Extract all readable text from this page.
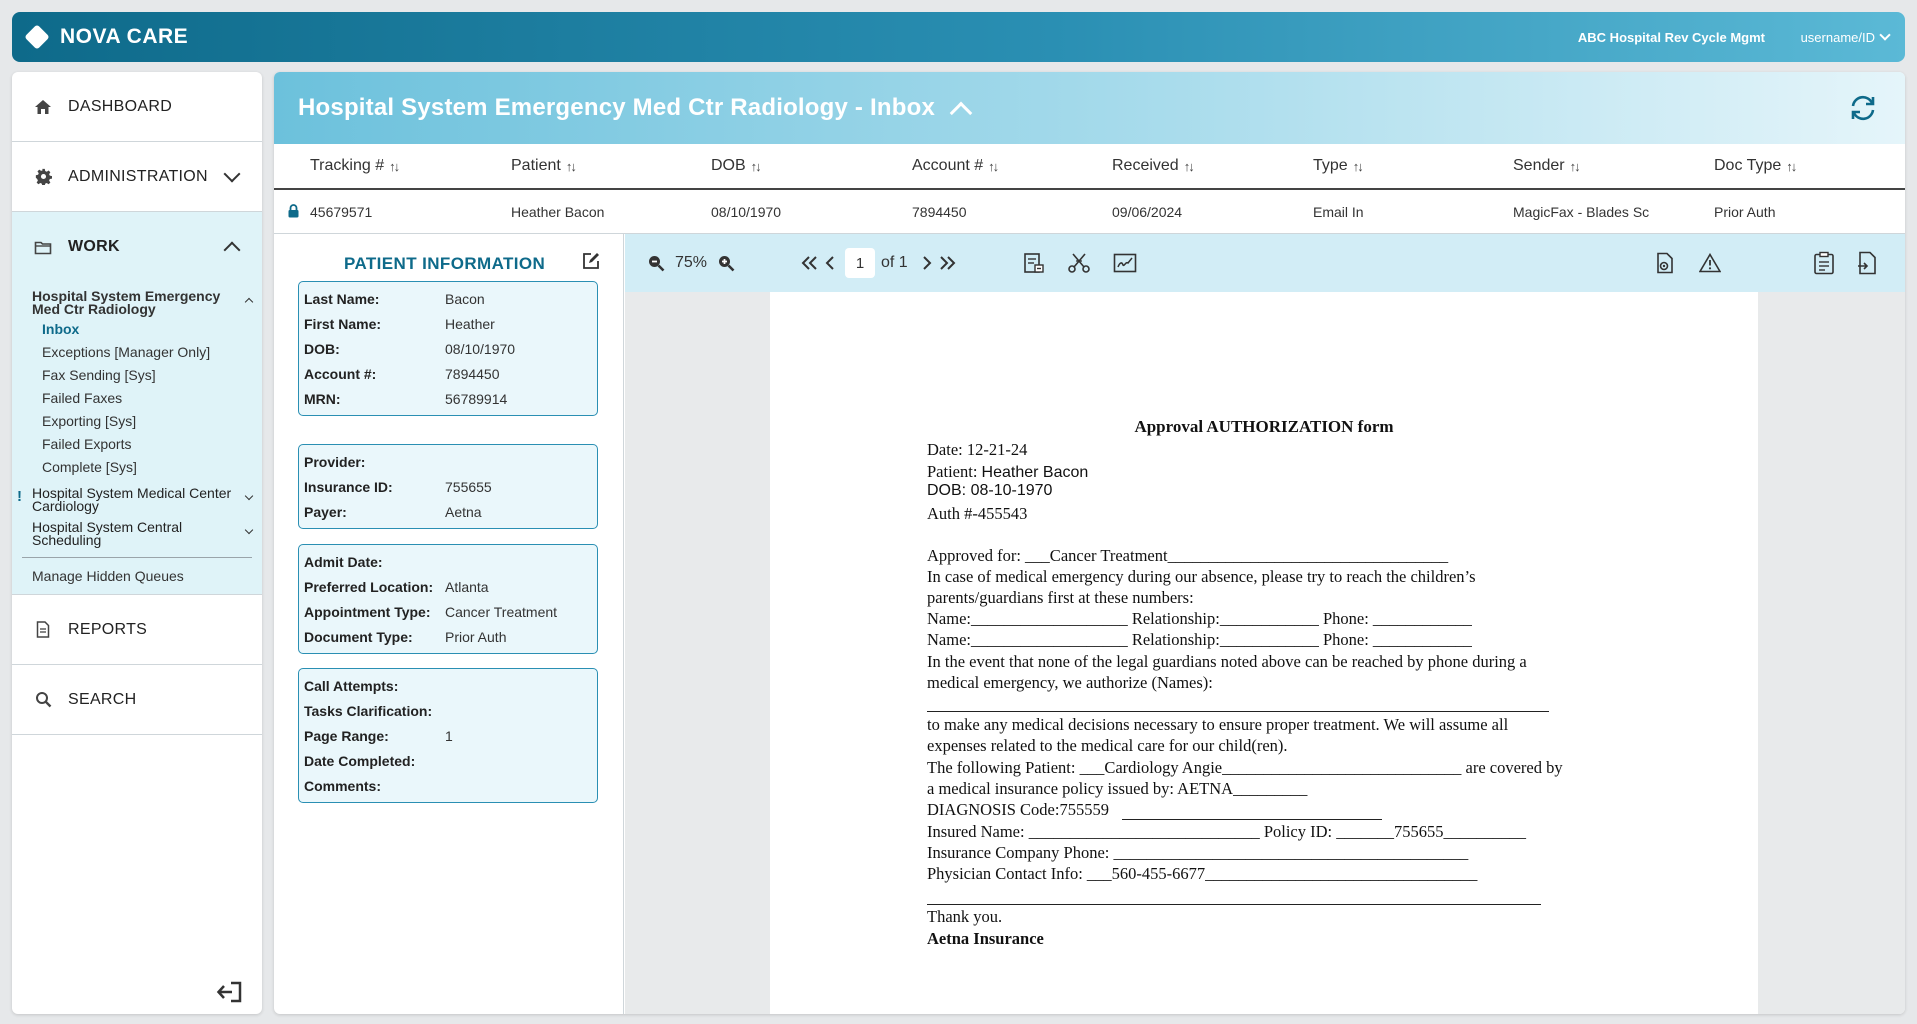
NOVA CARE	ABC Hospital Rev Cycle Mgmt	username/ID
DASHBOARD
ADMINISTRATION
WORK
Hospital System Emergency Med Ctr Radiology
Inbox
Exceptions [Manager Only]
Fax Sending [Sys]
Failed Faxes
Exporting [Sys]
Failed Exports
Complete [Sys]
! Hospital System Medical Center Cardiology
Hospital System Central Scheduling
Manage Hidden Queues
REPORTS
SEARCH
Hospital System Emergency Med Ctr Radiology - Inbox
Tracking # ↑↓	Patient ↑↓	DOB ↑↓	Account # ↑↓	Received ↑↓	Type ↑↓	Sender ↑↓	Doc Type ↑↓
45679571	Heather Bacon	08/10/1970	7894450	09/06/2024	Email In	MagicFax - Blades Sc	Prior Auth
PATIENT INFORMATION
Last Name:	Bacon
First Name:	Heather
DOB:	08/10/1970
Account #:	7894450
MRN:	56789914
Provider:
Insurance ID:	755655
Payer:	Aetna
Admit Date:
Preferred Location: Atlanta
Appointment Type:	Cancer Treatment
Document Type:	Prior Auth
Call Attempts:
Tasks Clarification:
Page Range:	1
Date Completed:
Comments:
75%	1	of 1
Approval AUTHORIZATION form
Date: 12-21-24
Patient: Heather Bacon
DOB: 08-10-1970
Auth #-455543
Approved for: ___Cancer Treatment__________________________________
In case of medical emergency during our absence, please try to reach the children’s
parents/guardians first at these numbers:
Name:___________________ Relationship:____________ Phone: ____________
Name:___________________ Relationship:____________ Phone: ____________
In the event that none of the legal guardians noted above can be reached by phone during a
medical emergency, we authorize (Names):
to make any medical decisions necessary to ensure proper treatment. We will assume all
expenses related to the medical care for our child(ren).
The following Patient: ___Cardiology Angie_____________________________ are covered by
a medical insurance policy issued by: AETNA_________
DIAGNOSIS Code:755559
Insured Name: ____________________________ Policy ID: _______755655__________
Insurance Company Phone: ___________________________________________
Physician Contact Info: ___560-455-6677_________________________________
Thank you.
Aetna Insurance
